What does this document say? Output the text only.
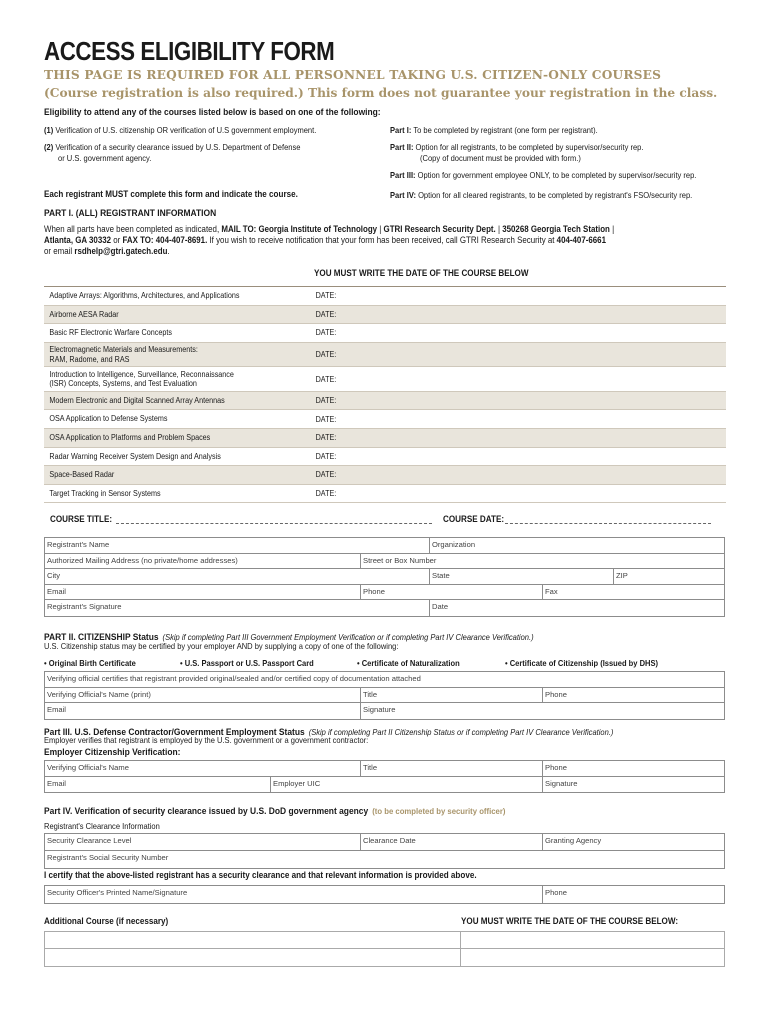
ACCESS ELIGIBILITY FORM
THIS PAGE IS REQUIRED FOR ALL PERSONNEL TAKING U.S. CITIZEN-ONLY COURSES
(Course registration is also required.) This form does not guarantee your registration in the class.
Eligibility to attend any of the courses listed below is based on one of the following:
(1) Verification of U.S. citizenship OR verification of U.S government employment.
(2) Verification of a security clearance issued by U.S. Department of Defense
or U.S. government agency.
Part I: To be completed by registrant (one form per registrant).
Part II: Option for all registrants, to be completed by supervisor/security rep.
(Copy of document must be provided with form.)
Part III: Option for government employee ONLY, to be completed by supervisor/security rep.
Part IV: Option for all cleared registrants, to be completed by registrant's FSO/security rep.
Each registrant MUST complete this form and indicate the course.
PART I. (ALL) REGISTRANT INFORMATION
When all parts have been completed as indicated, MAIL TO: Georgia Institute of Technology | GTRI Research Security Dept. | 350268 Georgia Tech Station |
Atlanta, GA 30332 or FAX TO: 404-407-8691. If you wish to receive notification that your form has been received, call GTRI Research Security at 404-407-6661
or email rsdhelp@gtri.gatech.edu.
YOU MUST WRITE THE DATE OF THE COURSE BELOW
Adaptive Arrays: Algorithms, Architectures, and Applications	DATE:
Airborne AESA Radar	DATE:
Basic RF Electronic Warfare Concepts	DATE:
Electromagnetic Materials and Measurements:
RAM, Radome, and RAS	DATE:
Introduction to Intelligence, Surveillance, Reconnaissance
(ISR) Concepts, Systems, and Test Evaluation	DATE:
Modern Electronic and Digital Scanned Array Antennas	DATE:
OSA Application to Defense Systems	DATE:
OSA Application to Platforms and Problem Spaces	DATE:
Radar Warning Receiver System Design and Analysis	DATE:
Space-Based Radar	DATE:
Target Tracking in Sensor Systems	DATE:
COURSE TITLE:	COURSE DATE:
Registrant's Name	Organization
Authorized Mailing Address (no private/home addresses)	Street or Box Number
City	State	ZIP
Email	Phone	Fax
Registrant's Signature	Date
PART II. CITIZENSHIP Status (Skip if completing Part III Government Employment Verification or if completing Part IV Clearance Verification.)
U.S. Citizenship status may be certified by your employer AND by supplying a copy of one of the following:
• Original Birth Certificate	• U.S. Passport or U.S. Passport Card	• Certificate of Naturalization	• Certificate of Citizenship (Issued by DHS)
Verifying official certifies that registrant provided original/sealed and/or certified copy of documentation attached
Verifying Official's Name (print)	Title	Phone
Email	Signature
Part III. U.S. Defense Contractor/Government Employment Status (Skip if completing Part II Citizenship Status or if completing Part IV Clearance Verification.)
Employer verifies that registrant is employed by the U.S. government or a government contractor:
Employer Citizenship Verification:
Verifying Official's Name	Title	Phone
Email	Employer UIC	Signature
Part IV. Verification of security clearance issued by U.S. DoD government agency (to be completed by security officer)
Registrant's Clearance Information
Security Clearance Level	Clearance Date	Granting Agency
Registrant's Social Security Number
I certify that the above-listed registrant has a security clearance and that relevant information is provided above.
Security Officer's Printed Name/Signature	Phone
Additional Course (if necessary)	YOU MUST WRITE THE DATE OF THE COURSE BELOW:
